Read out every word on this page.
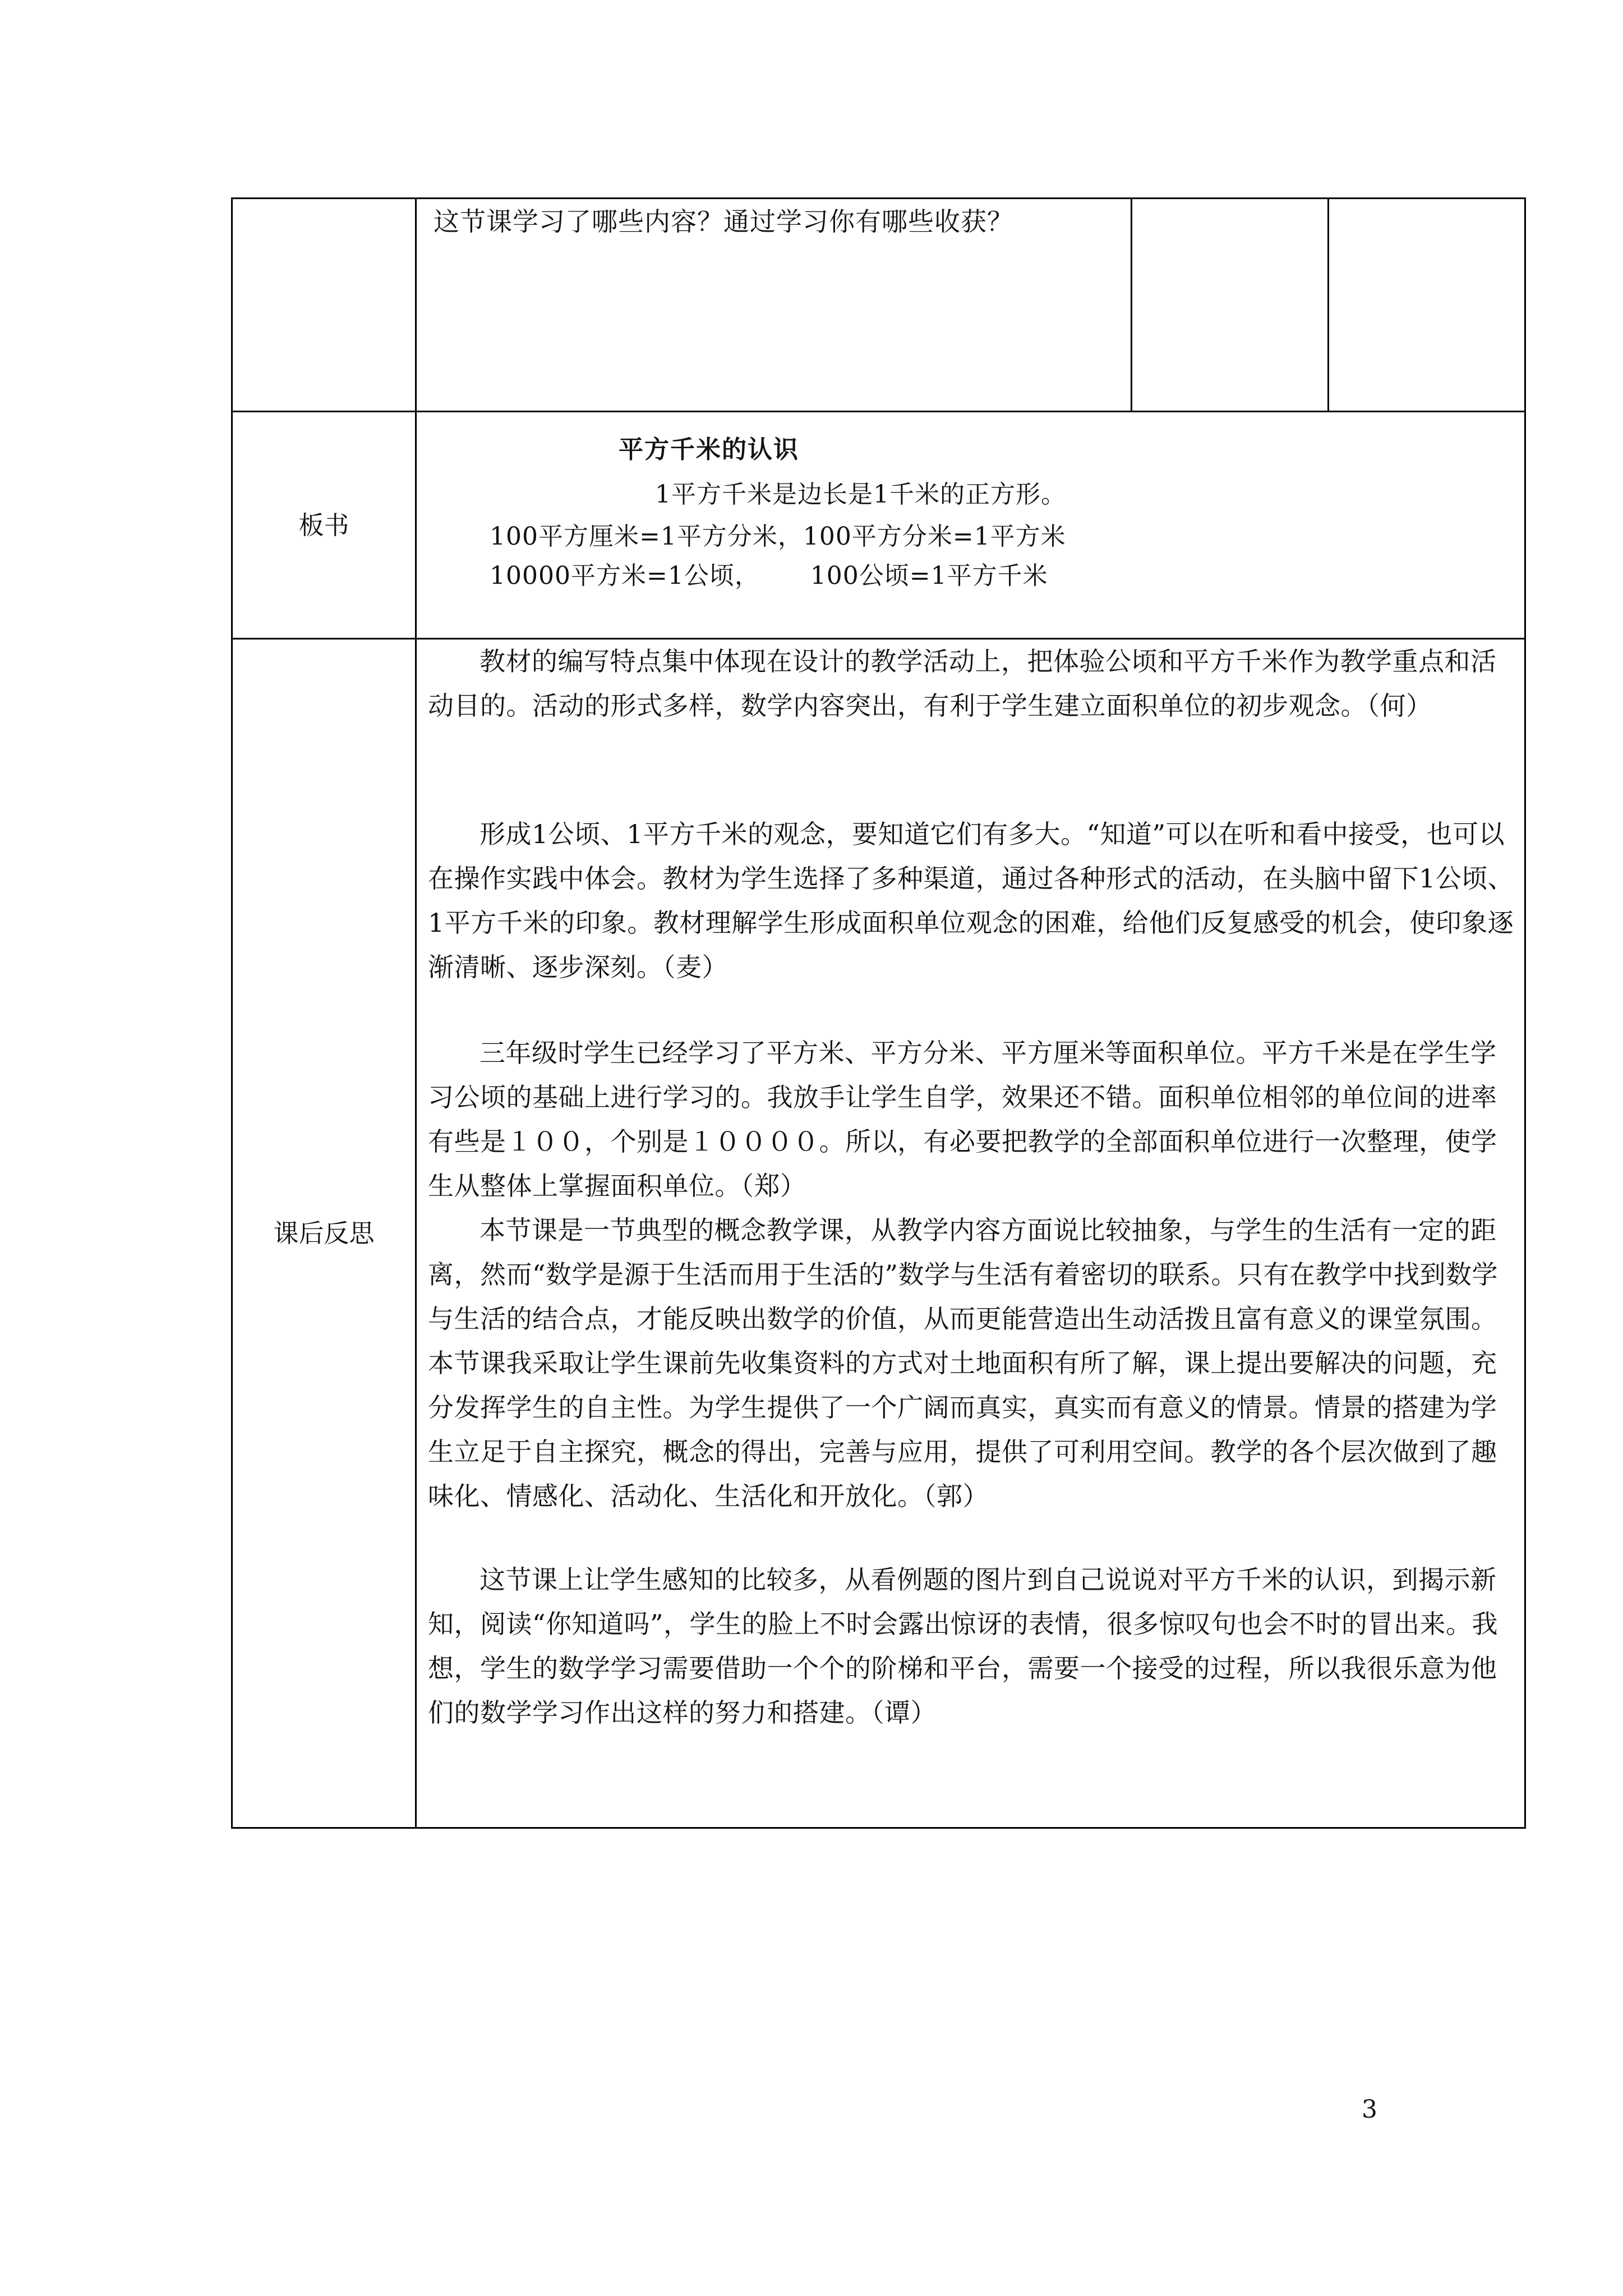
	这节课学习了哪些内容？通过学习你有哪些收获？		

板书	平方千米的认识
1平方千米是边长是1千米的正方形。
100平方厘米=1平方分米，100平方分米=1平方米
10000平方米=1公顷，      100公顷=1平方千米		

课后反思	教材的编写特点集中体现在设计的教学活动上，把体验公顷和平方千米作为教学重点和活动目的。活动的形式多样，数学内容突出，有利于学生建立面积单位的初步观念。（何）

形成1公顷、1平方千米的观念，要知道它们有多大。“知道”可以在听和看中接受，也可以在操作实践中体会。教材为学生选择了多种渠道，通过各种形式的活动，在头脑中留下1公顷、1平方千米的印象。教材理解学生形成面积单位观念的困难，给他们反复感受的机会，使印象逐渐清晰、逐步深刻。（麦）

三年级时学生已经学习了平方米、平方分米、平方厘米等面积单位。平方千米是在学生学习公顷的基础上进行学习的。我放手让学生自学，效果还不错。面积单位相邻的单位间的进率有些是１００，个别是１００００。所以，有必要把教学的全部面积单位进行一次整理，使学生从整体上掌握面积单位。（郑）

本节课是一节典型的概念教学课，从教学内容方面说比较抽象，与学生的生活有一定的距离，然而“数学是源于生活而用于生活的”数学与生活有着密切的联系。只有在教学中找到数学与生活的结合点，才能反映出数学的价值，从而更能营造出生动活拨且富有意义的课堂氛围。本节课我采取让学生课前先收集资料的方式对土地面积有所了解，课上提出要解决的问题，充分发挥学生的自主性。为学生提供了一个广阔而真实，真实而有意义的情景。情景的搭建为学生立足于自主探究，概念的得出，完善与应用，提供了可利用空间。教学的各个层次做到了趣味化、情感化、活动化、生活化和开放化。（郭）

这节课上让学生感知的比较多，从看例题的图片到自己说说对平方千米的认识，到揭示新知，阅读“你知道吗”，学生的脸上不时会露出惊讶的表情，很多惊叹句也会不时的冒出来。我想，学生的数学学习需要借助一个个的阶梯和平台，需要一个接受的过程，所以我很乐意为他们的数学学习作出这样的努力和搭建。（谭）		

3
